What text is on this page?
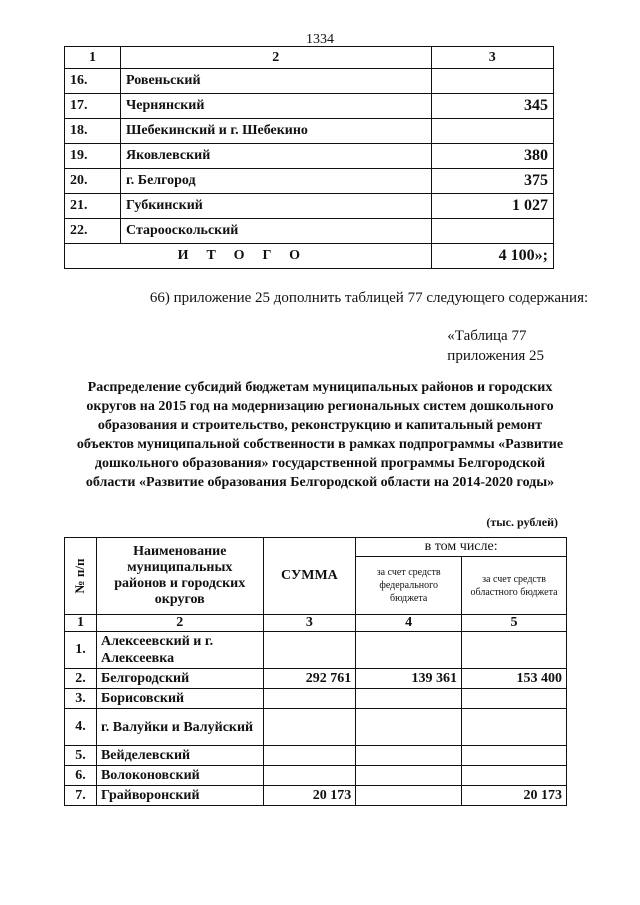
1334
1	2	3
16.	Ровеньский	
17.	Чернянский	345
18.	Шебекинский и г. Шебекино	
19.	Яковлевский	380
20.	г. Белгород	375
21.	Губкинский	1 027
22.	Старооскольский	
ИТОГО		4 100»;
66) приложение 25 дополнить таблицей 77 следующего содержания:
«Таблица 77
приложения 25
Распределение субсидий бюджетам муниципальных районов и городских округов на 2015 год на модернизацию региональных систем дошкольного образования и строительство, реконструкцию и капитальный ремонт объектов муниципальной собственности в рамках подпрограммы «Развитие дошкольного образования» государственной программы Белгородской области «Развитие образования Белгородской области на 2014-2020 годы»
(тыс. рублей)
№ п/п	Наименование муниципальных районов и городских округов	СУММА	в том числе:	
			за счет средств федерального бюджета	за счет средств областного бюджета
1	2	3	4	5
1.	Алексеевский и г. Алексеевка			
2.	Белгородский	292 761	139 361	153 400
3.	Борисовский			
4.	г. Валуйки и Валуйский			
5.	Вейделевский			
6.	Волоконовский			
7.	Грайворонский	20 173		20 173
